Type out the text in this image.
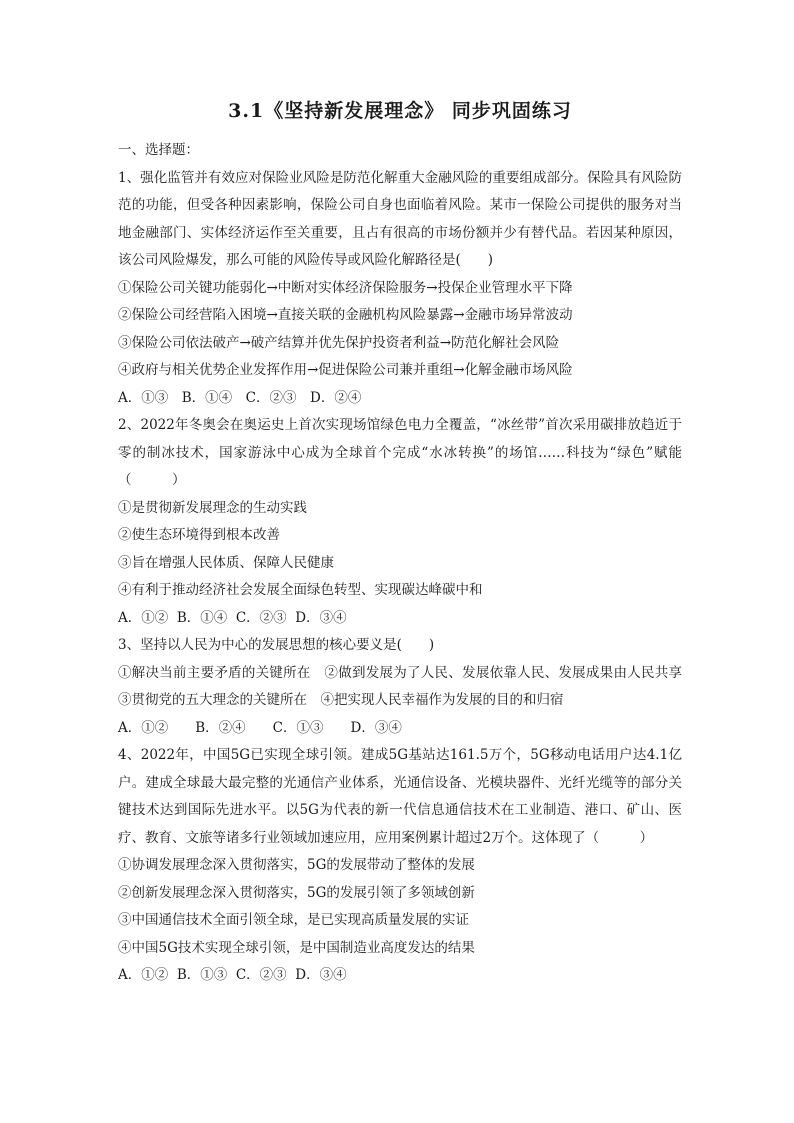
3.1《坚持新发展理念》 同步巩固练习

一、选择题：

1、强化监管并有效应对保险业风险是防范化解重大金融风险的重要组成部分。保险具有风险防范的功能，但受各种因素影响，保险公司自身也面临着风险。某市一保险公司提供的服务对当地金融部门、实体经济运作至关重要，且占有很高的市场份额并少有替代品。若因某种原因，该公司风险爆发，那么可能的风险传导或风险化解路径是(　　)

①保险公司关键功能弱化→中断对实体经济保险服务→投保企业管理水平下降

②保险公司经营陷入困境→直接关联的金融机构风险暴露→金融市场异常波动

③保险公司依法破产→破产结算并优先保护投资者利益→防范化解社会风险

④政府与相关优势企业发挥作用→促进保险公司兼并重组→化解金融市场风险

A．①③　B．①④　C．②③　D．②④

2、2022年冬奥会在奥运史上首次实现场馆绿色电力全覆盖，“冰丝带”首次采用碳排放趋近于零的制冰技术，国家游泳中心成为全球首个完成“水冰转换”的场馆……科技为“绿色”赋能（　　　）

①是贯彻新发展理念的生动实践

②使生态环境得到根本改善

③旨在增强人民体质、保障人民健康

④有利于推动经济社会发展全面绿色转型、实现碳达峰碳中和

A．①②  B．①④  C．②③  D．③④

3、坚持以人民为中心的发展思想的核心要义是(　　)

①解决当前主要矛盾的关键所在　②做到发展为了人民、发展依靠人民、发展成果由人民共享　③贯彻党的五大理念的关键所在　④把实现人民幸福作为发展的目的和归宿

A．①②　　B．②④　　C．①③　　D．③④

4、2022年，中国5G已实现全球引领。建成5G基站达161.5万个，5G移动电话用户达4.1亿户。建成全球最大最完整的光通信产业体系，光通信设备、光模块器件、光纤光缆等的部分关键技术达到国际先进水平。以5G为代表的新一代信息通信技术在工业制造、港口、矿山、医疗、教育、文旅等诸多行业领域加速应用，应用案例累计超过2万个。这体现了（　　　）

①协调发展理念深入贯彻落实，5G的发展带动了整体的发展

②创新发展理念深入贯彻落实，5G的发展引领了多领域创新

③中国通信技术全面引领全球，是已实现高质量发展的实证

④中国5G技术实现全球引领，是中国制造业高度发达的结果

A．①②  B．①③  C．②③  D．③④
